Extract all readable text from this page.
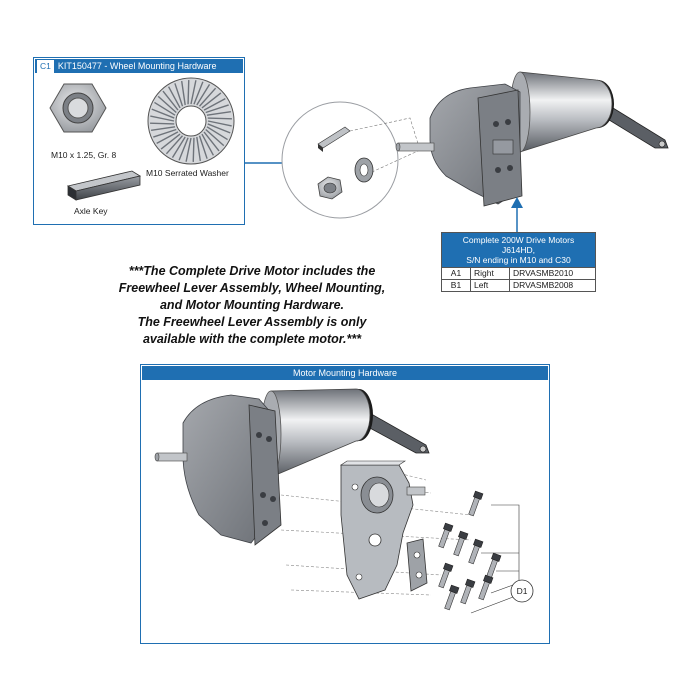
C1 KIT150477 - Wheel Mounting Hardware
M10 x 1.25, Gr. 8
M10 Serrated Washer
Axle Key
Complete 200W Drive Motors
J614HD,
S/N ending in M10 and C30		

A1	Right	DRVASMB2010
B1	Left	DRVASMB2008
***The Complete Drive Motor includes the
Freewheel Lever Assembly, Wheel Mounting,
and Motor Mounting Hardware.
The Freewheel Lever Assembly is only
available with the complete motor.***
Motor Mounting Hardware
D1
